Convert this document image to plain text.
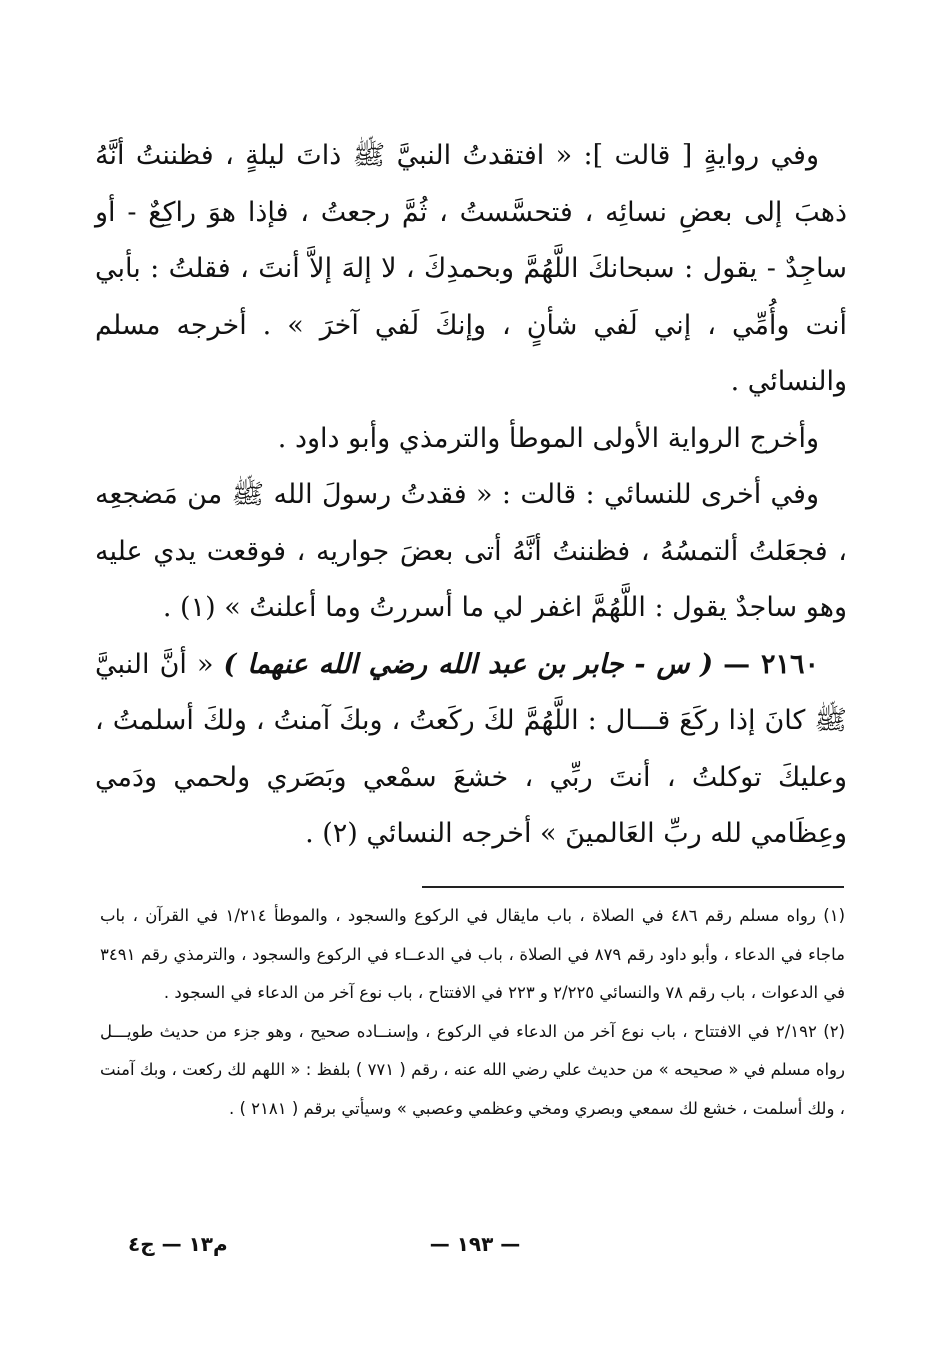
وفي روايةٍ [ قالت ]: « افتقدتُ النبيَّ ﷺ ذاتَ ليلةٍ ، فظننتُ أنَّهُ ذهبَ إلى بعضِ نسائِه ، فتحسَّستُ ، ثُمَّ رجعتُ ، فإذا هوَ راكِعٌ - أو ساجِدٌ - يقول : سبحانكَ اللَّهُمَّ وبحمدِكَ ، لا إلهَ إلاَّ أنتَ ، فقلتُ : بأبي أنت وأُمِّي ، إني لَفي شأنٍ ، وإنكَ لَفي آخرَ » . أخرجه مسلم والنسائي .

وأخرج الرواية الأولى الموطأ والترمذي وأبو داود .

وفي أخرى للنسائي : قالت : « فقدتُ رسولَ الله ﷺ من مَضجعِه ، فجعَلتُ ألتمسُهُ ، فظننتُ أنَّهُ أتى بعضَ جواريه ، فوقعت يدي عليه وهو ساجدٌ يقول : اللَّهُمَّ اغفر لي ما أسررتُ وما أعلنتُ » (١) .

٢١٦٠ — ( س - جابر بن عبد الله رضي الله عنهما ) « أنَّ النبيَّ ﷺ كانَ إذا ركَعَ قـــال : اللَّهُمَّ لكَ ركَعتُ ، وبكَ آمنتُ ، ولكَ أسلمتُ ، وعليكَ توكلتُ ، أنتَ ربِّي ، خشعَ سمْعي وبَصَري ولحمي ودَمي وعِظَامي لله ربِّ العَالمينَ » أخرجه النسائي (٢) .

(١) رواه مسلم رقم ٤٨٦ في الصلاة ، باب مايقال في الركوع والسجود ، والموطأ ١/٢١٤ في القرآن ، باب ماجاء في الدعاء ، وأبو داود رقم ٨٧٩ في الصلاة ، باب في الدعــاء في الركوع والسجود ، والترمذي رقم ٣٤٩١ في الدعوات ، باب رقم ٧٨ والنسائي ٢/٢٢٥ و ٢٢٣ في الافتتاح ، باب نوع آخر من الدعاء في السجود .

(٢) ٢/١٩٢ في الافتتاح ، باب نوع آخر من الدعاء في الركوع ، وإسنــاده صحيح ، وهو جزء من حديث طويـــل رواه مسلم في « صحيحه » من حديث علي رضي الله عنه ، رقم ( ٧٧١ ) بلفظ : « اللهم لك ركعت ، وبك آمنت ، ولك أسلمت ، خشع لك سمعي وبصري ومخي وعظمي وعصبي » وسيأتي برقم ( ٢١٨١ ) .

— ١٩٣ —
م١٣ — ج٤
